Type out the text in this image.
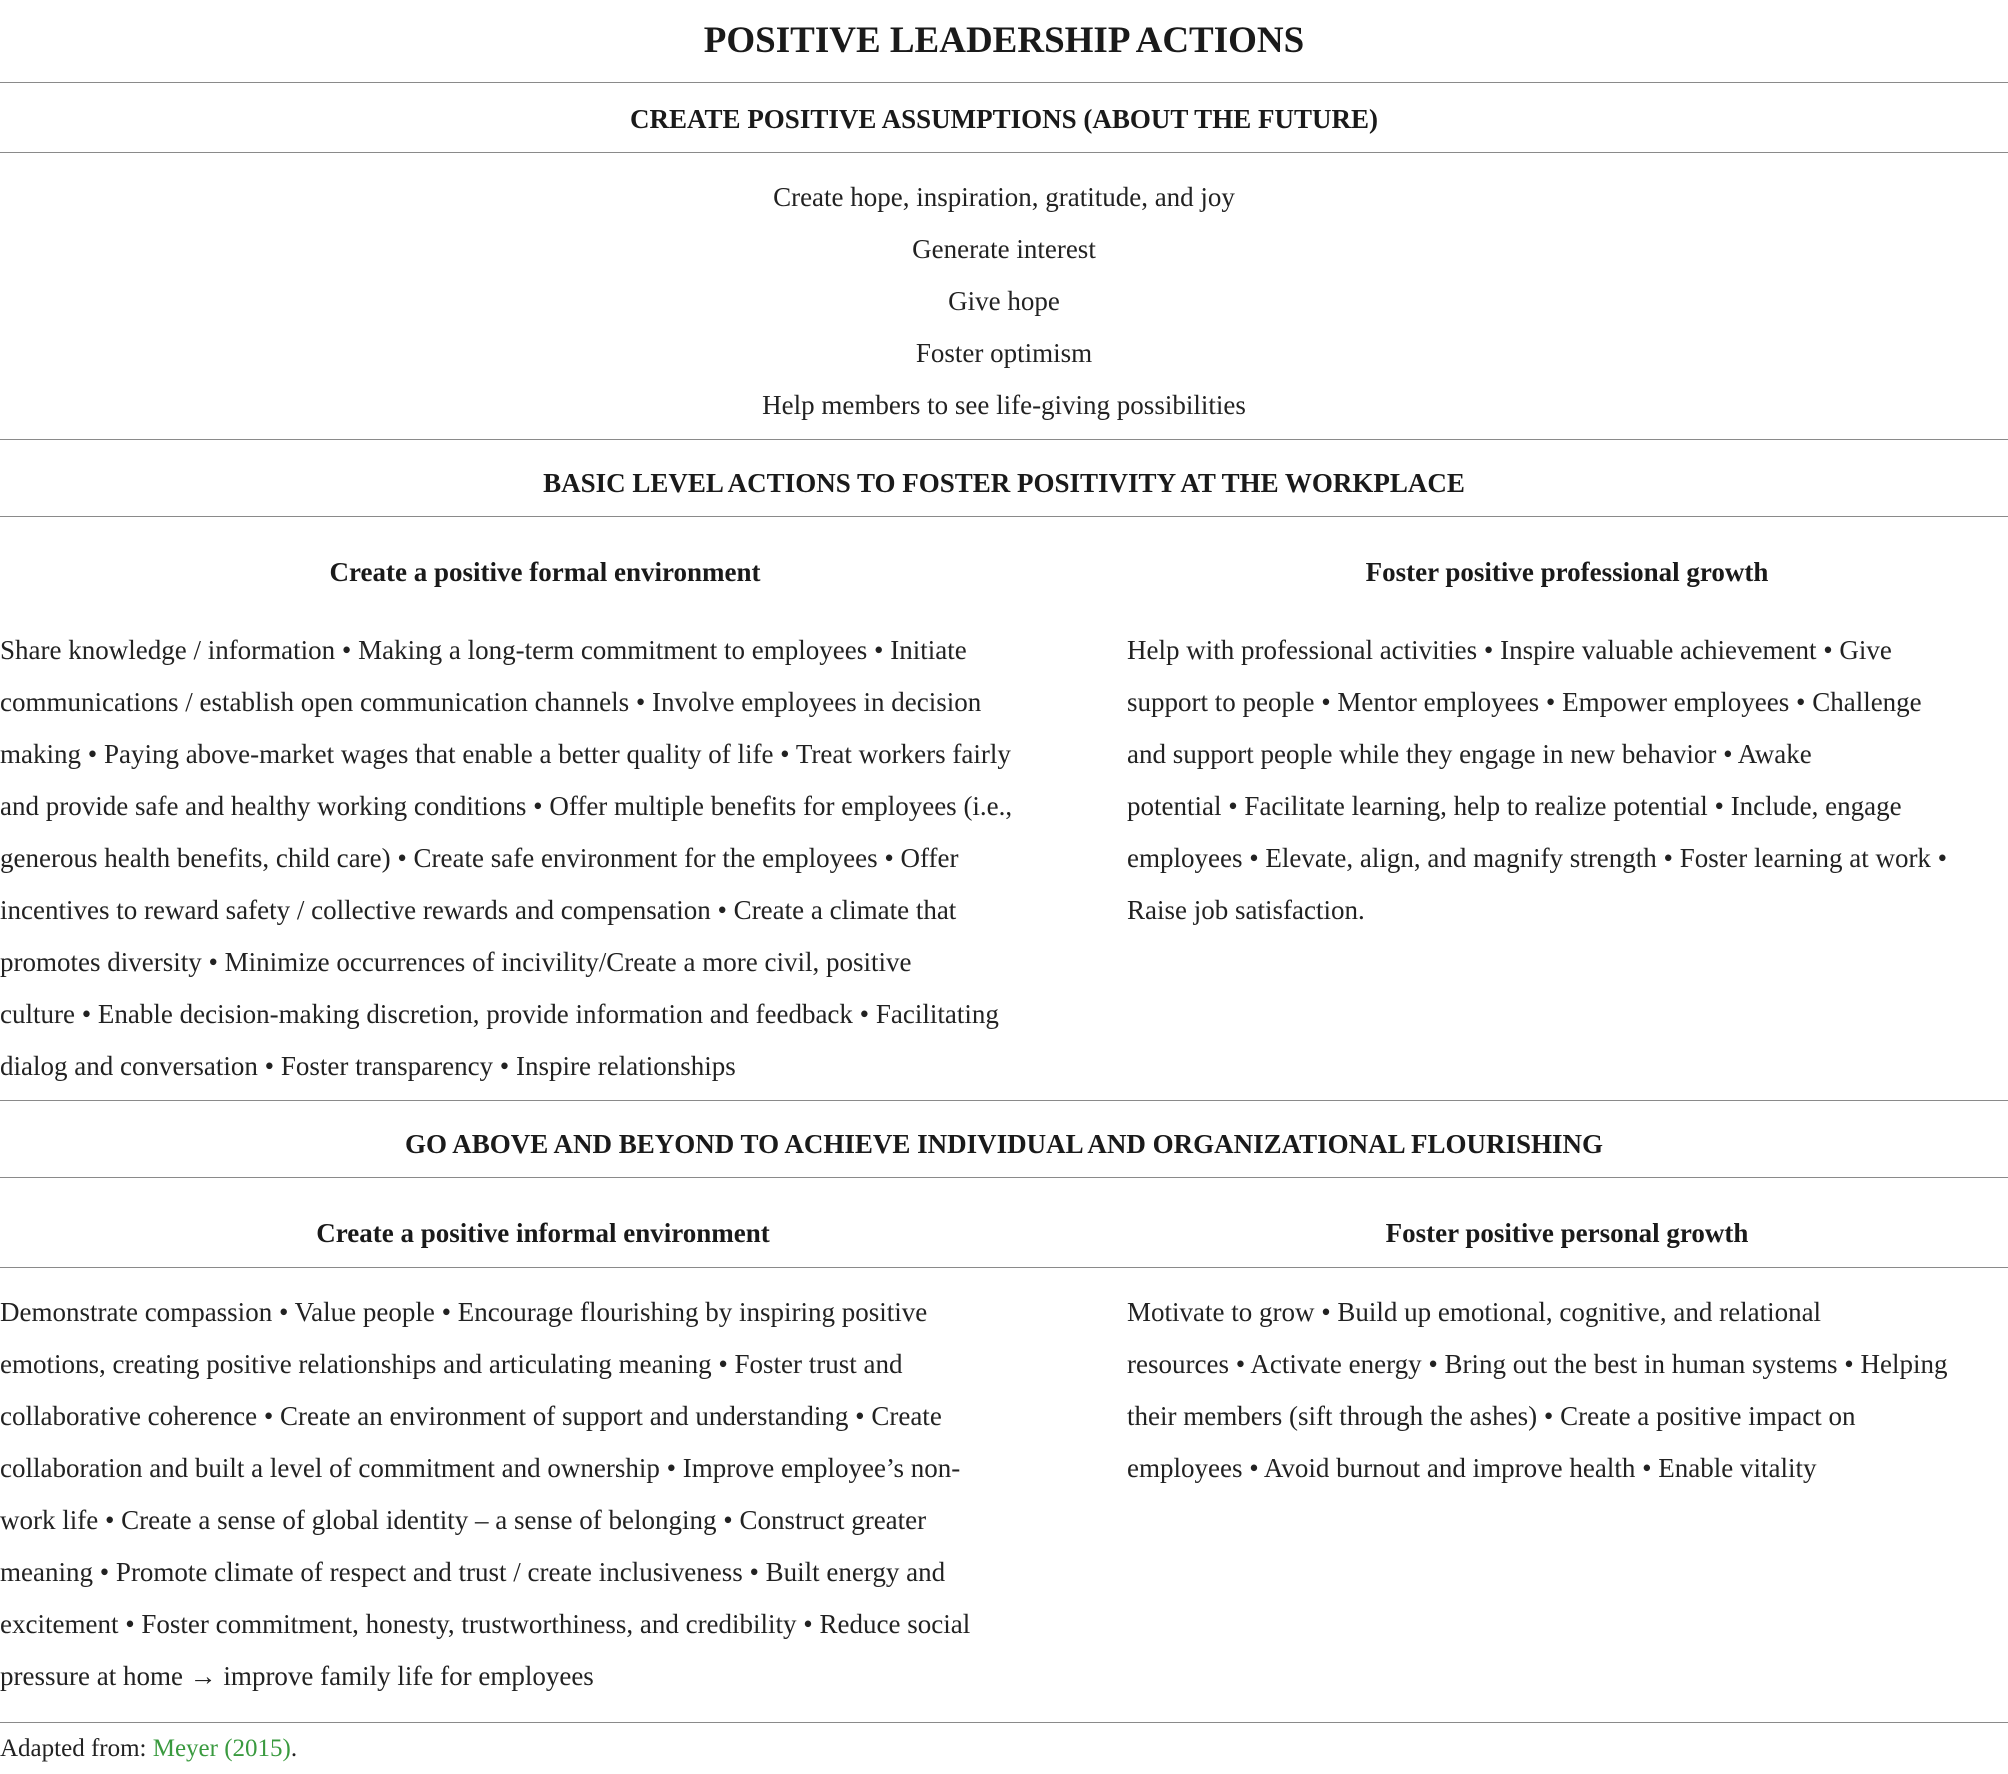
POSITIVE LEADERSHIP ACTIONS
CREATE POSITIVE ASSUMPTIONS (ABOUT THE FUTURE)
Create hope, inspiration, gratitude, and joy
Generate interest
Give hope
Foster optimism
Help members to see life-giving possibilities
BASIC LEVEL ACTIONS TO FOSTER POSITIVITY AT THE WORKPLACE
Create a positive formal environment	Foster positive professional growth
Share knowledge / information • Making a long-term commitment to employees • Initiate
communications / establish open communication channels • Involve employees in decision
making • Paying above-market wages that enable a better quality of life • Treat workers fairly
and provide safe and healthy working conditions • Offer multiple benefits for employees (i.e.,
generous health benefits, child care) • Create safe environment for the employees • Offer
incentives to reward safety / collective rewards and compensation • Create a climate that
promotes diversity • Minimize occurrences of incivility/Create a more civil, positive
culture • Enable decision-making discretion, provide information and feedback • Facilitating
dialog and conversation • Foster transparency • Inspire relationships
Help with professional activities • Inspire valuable achievement • Give
support to people • Mentor employees • Empower employees • Challenge
and support people while they engage in new behavior • Awake
potential • Facilitate learning, help to realize potential • Include, engage
employees • Elevate, align, and magnify strength • Foster learning at work •
Raise job satisfaction.
GO ABOVE AND BEYOND TO ACHIEVE INDIVIDUAL AND ORGANIZATIONAL FLOURISHING
Create a positive informal environment	Foster positive personal growth
Demonstrate compassion • Value people • Encourage flourishing by inspiring positive
emotions, creating positive relationships and articulating meaning • Foster trust and
collaborative coherence • Create an environment of support and understanding • Create
collaboration and built a level of commitment and ownership • Improve employee’s non-
work life • Create a sense of global identity – a sense of belonging • Construct greater
meaning • Promote climate of respect and trust / create inclusiveness • Built energy and
excitement • Foster commitment, honesty, trustworthiness, and credibility • Reduce social
pressure at home → improve family life for employees
Motivate to grow • Build up emotional, cognitive, and relational
resources • Activate energy • Bring out the best in human systems • Helping
their members (sift through the ashes) • Create a positive impact on
employees • Avoid burnout and improve health • Enable vitality
Adapted from: Meyer (2015).
